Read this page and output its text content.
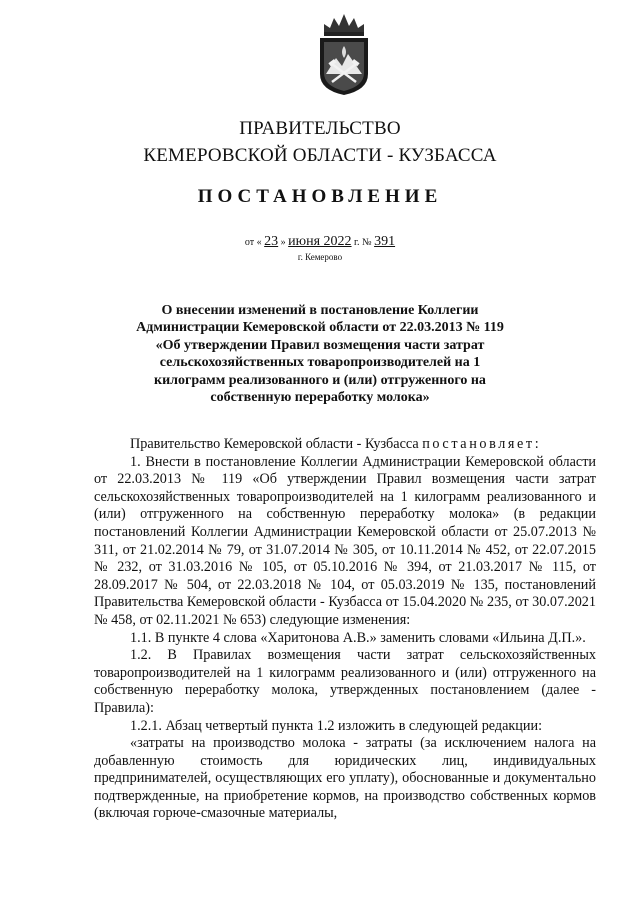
ПРАВИТЕЛЬСТВО
КЕМЕРОВСКОЙ ОБЛАСТИ - КУЗБАССА
ПОСТАНОВЛЕНИЕ
от « 23 » июня 2022 г. № 391
г. Кемерово

О внесении изменений в постановление Коллегии Администрации Кемеровской области от 22.03.2013 № 119 «Об утверждении Правил возмещения части затрат сельскохозяйственных товаропроизводителей на 1 килограмм реализованного и (или) отгруженного на собственную переработку молока»

Правительство Кемеровской области - Кузбасса постановляет:

1. Внести в постановление Коллегии Администрации Кемеровской области от 22.03.2013 № 119 «Об утверждении Правил возмещения части затрат сельскохозяйственных товаропроизводителей на 1 килограмм реализованного и (или) отгруженного на собственную переработку молока» (в редакции постановлений Коллегии Администрации Кемеровской области от 25.07.2013 № 311, от 21.02.2014 № 79, от 31.07.2014 № 305, от 10.11.2014 № 452, от 22.07.2015 № 232, от 31.03.2016 № 105, от 05.10.2016 № 394, от 21.03.2017 № 115, от 28.09.2017 № 504, от 22.03.2018 № 104, от 05.03.2019 № 135, постановлений Правительства Кемеровской области - Кузбасса от 15.04.2020 № 235, от 30.07.2021 № 458, от 02.11.2021 № 653) следующие изменения:

1.1. В пункте 4 слова «Харитонова А.В.» заменить словами «Ильина Д.П.».

1.2. В Правилах возмещения части затрат сельскохозяйственных товаропроизводителей на 1 килограмм реализованного и (или) отгруженного на собственную переработку молока, утвержденных постановлением (далее - Правила):

1.2.1. Абзац четвертый пункта 1.2 изложить в следующей редакции:

«затраты на производство молока - затраты (за исключением налога на добавленную стоимость для юридических лиц, индивидуальных предпринимателей, осуществляющих его уплату), обоснованные и документально подтвержденные, на приобретение кормов, на производство собственных кормов (включая горюче-смазочные материалы,
